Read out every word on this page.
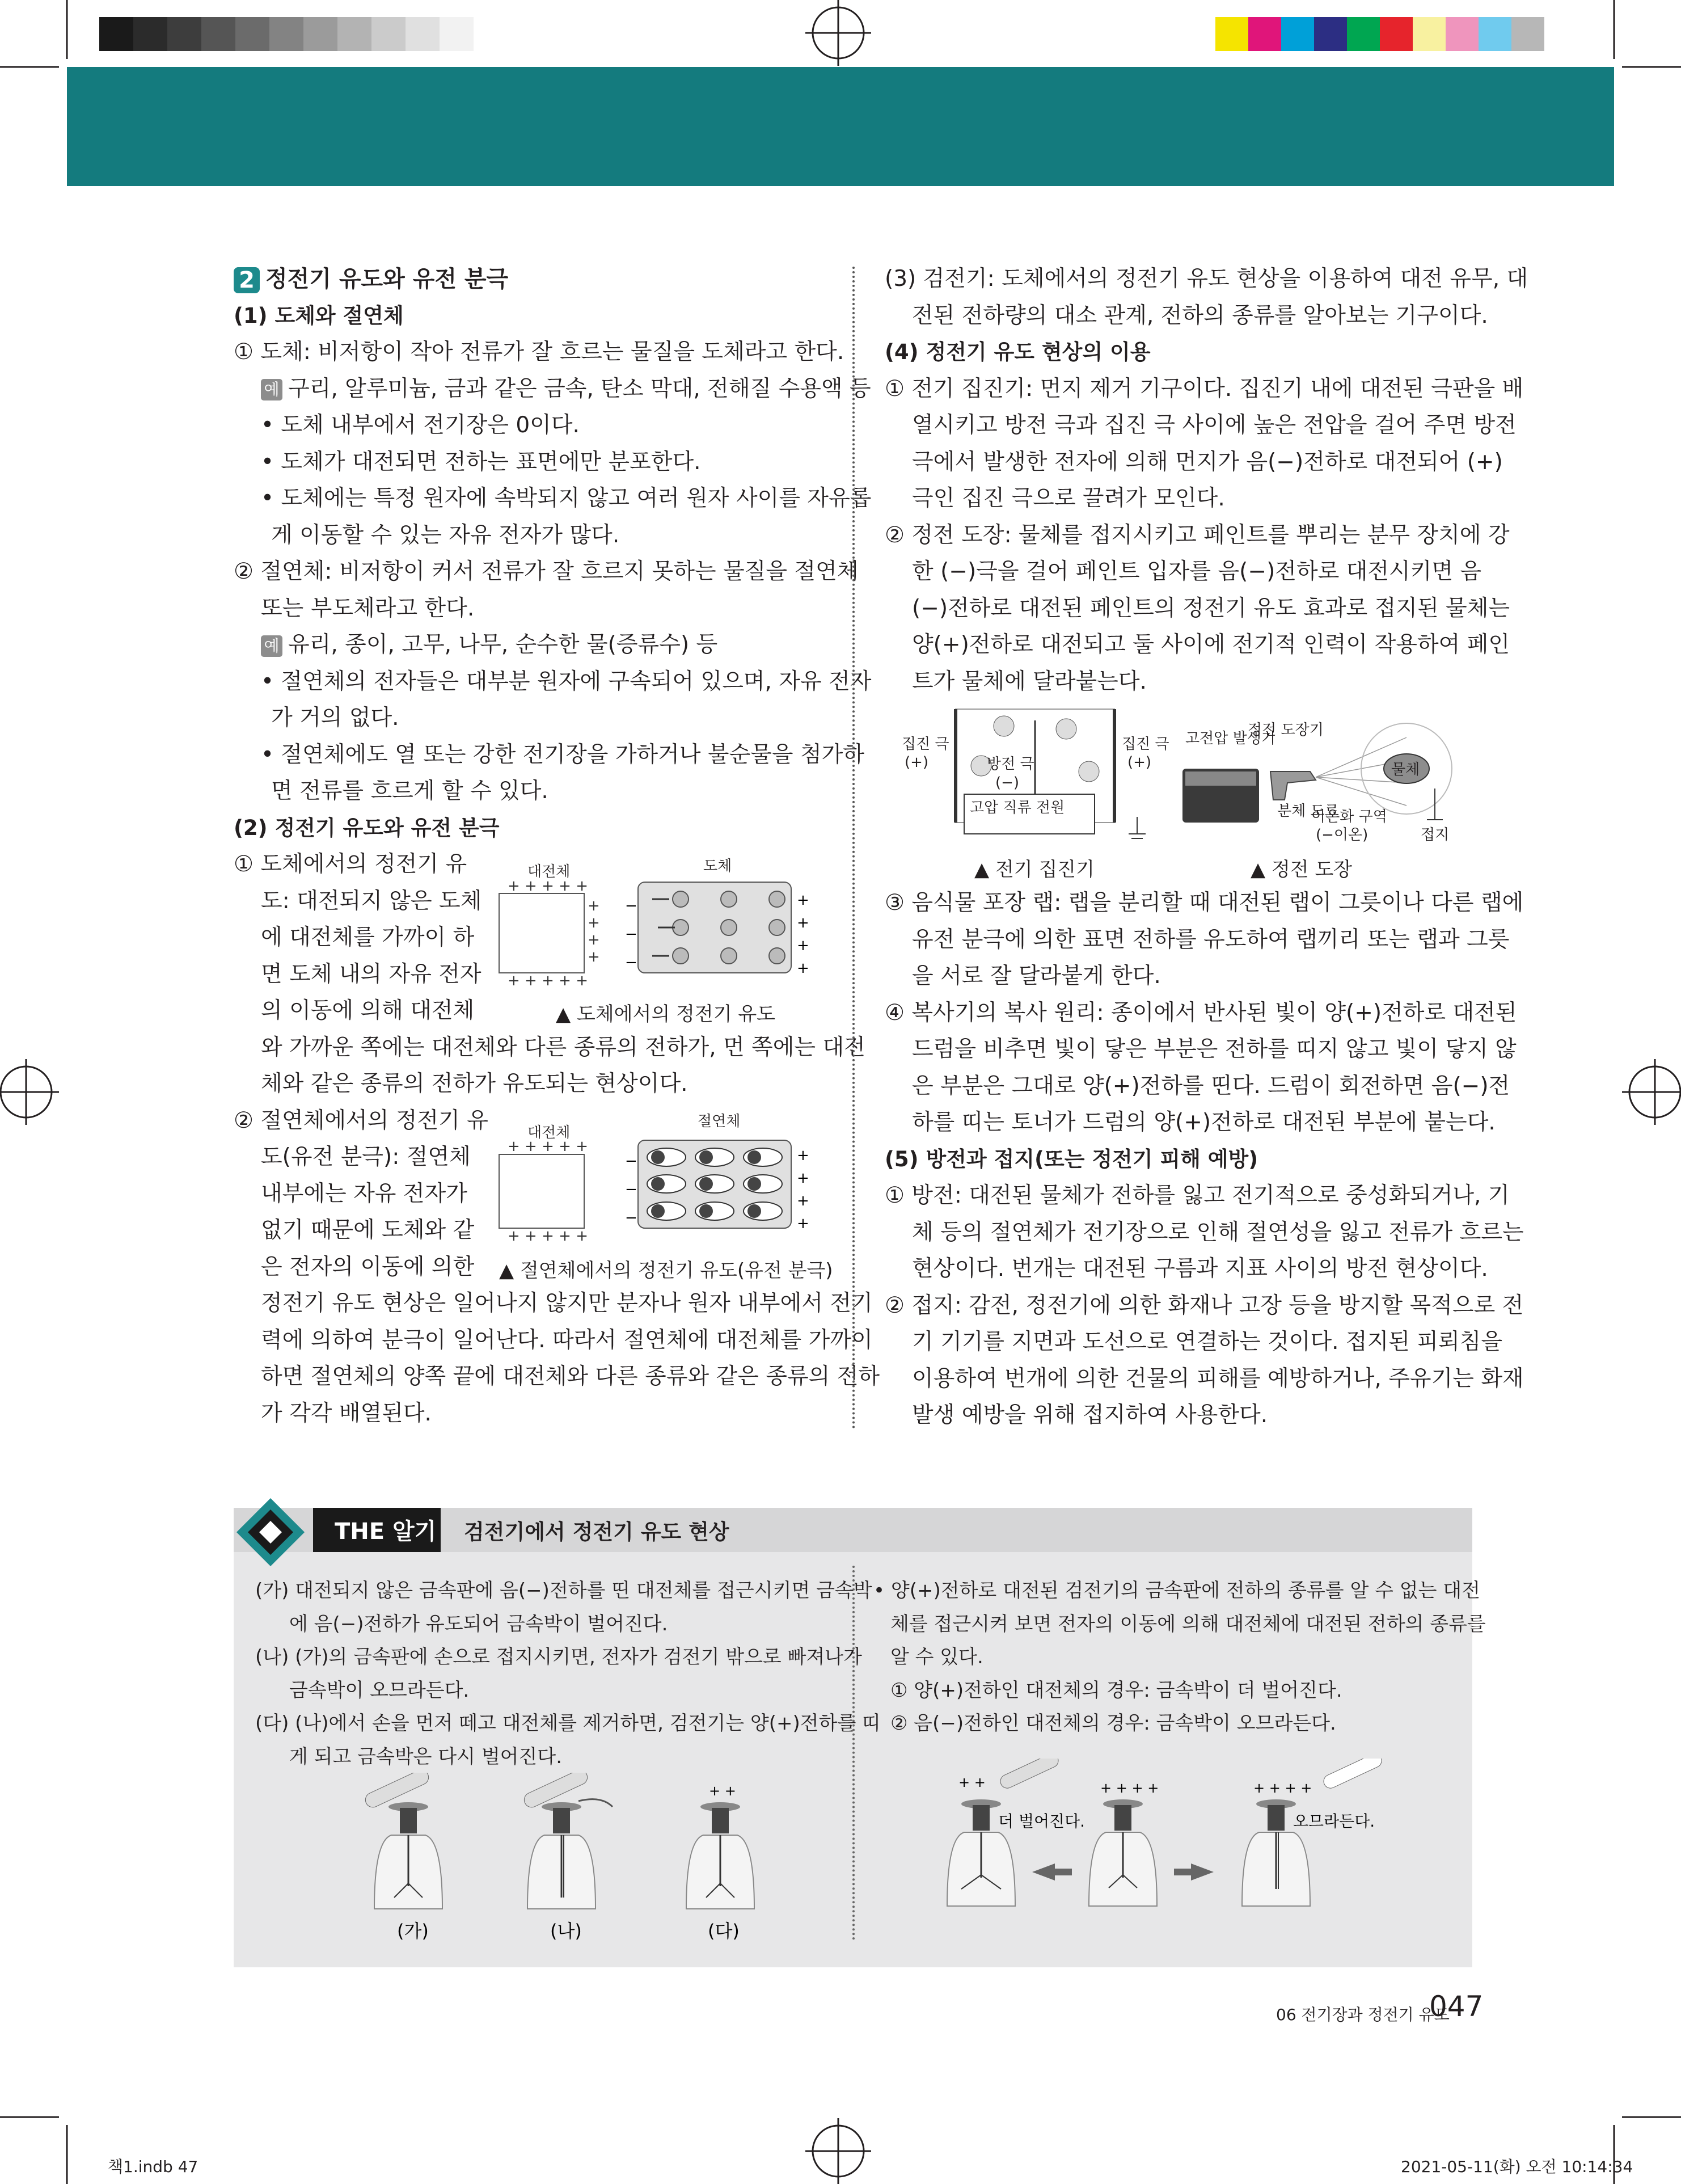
2 정전기 유도와 유전 분극

(1) 도체와 절연체

① 도체: 비저항이 작아 전류가 잘 흐르는 물질을 도체라고 한다.

예 구리, 알루미늄, 금과 같은 금속, 탄소 막대, 전해질 수용액 등

• 도체 내부에서 전기장은 0이다.

• 도체가 대전되면 전하는 표면에만 분포한다.

• 도체에는 특정 원자에 속박되지 않고 여러 원자 사이를 자유롭

게 이동할 수 있는 자유 전자가 많다.

② 절연체: 비저항이 커서 전류가 잘 흐르지 못하는 물질을 절연체

또는 부도체라고 한다.

예 유리, 종이, 고무, 나무, 순수한 물(증류수) 등

• 절연체의 전자들은 대부분 원자에 구속되어 있으며, 자유 전자

가 거의 없다.

• 절연체에도 열 또는 강한 전기장을 가하거나 불순물을 첨가하

면 전류를 흐르게 할 수 있다.

(2) 정전기 유도와 유전 분극

① 도체에서의 정전기 유

도: 대전되지 않은 도체

에 대전체를 가까이 하

면 도체 내의 자유 전자

의 이동에 의해 대전체

와 가까운 쪽에는 대전체와 다른 종류의 전하가, 먼 쪽에는 대전

체와 같은 종류의 전하가 유도되는 현상이다.

② 절연체에서의 정전기 유

도(유전 분극): 절연체

내부에는 자유 전자가

없기 때문에 도체와 같

은 전자의 이동에 의한

정전기 유도 현상은 일어나지 않지만 분자나 원자 내부에서 전기

력에 의하여 분극이 일어난다. 따라서 절연체에 대전체를 가까이

하면 절연체의 양쪽 끝에 대전체와 다른 종류와 같은 종류의 전하

가 각각 배열된다.

대전체	도체
+ + + + +
+ + + + +
+
+
+
+
−
−
−
+
+
+
+
▲ 도체에서의 정전기 유도
대전체
절연체
+ + + + +
+ + + + +
−
−
−
+
+
+
+
▲ 절연체에서의 정전기 유도(유전 분극)

(3) 검전기: 도체에서의 정전기 유도 현상을 이용하여 대전 유무, 대

전된 전하량의 대소 관계, 전하의 종류를 알아보는 기구이다.

(4) 정전기 유도 현상의 이용

① 전기 집진기: 먼지 제거 기구이다. 집진기 내에 대전된 극판을 배

열시키고 방전 극과 집진 극 사이에 높은 전압을 걸어 주면 방전

극에서 발생한 전자에 의해 먼지가 음(−)전하로 대전되어 (+)

극인 집진 극으로 끌려가 모인다.

② 정전 도장: 물체를 접지시키고 페인트를 뿌리는 분무 장치에 강

한 (−)극을 걸어 페인트 입자를 음(−)전하로 대전시키면 음

(−)전하로 대전된 페인트의 정전기 유도 효과로 접지된 물체는

양(+)전하로 대전되고 둘 사이에 전기적 인력이 작용하여 페인

트가 물체에 달라붙는다.

집진 극
(+)	방전 극
(−)
집진 극
(+)
고압 직류 전원
정전 도장기
고전압 발생기
물체
분체 도료
이온화 구역
(−이온)	접지
▲ 전기 집진기	▲ 정전 도장

③ 음식물 포장 랩: 랩을 분리할 때 대전된 랩이 그릇이나 다른 랩에

유전 분극에 의한 표면 전하를 유도하여 랩끼리 또는 랩과 그릇

을 서로 잘 달라붙게 한다.

④ 복사기의 복사 원리: 종이에서 반사된 빛이 양(+)전하로 대전된

드럼을 비추면 빛이 닿은 부분은 전하를 띠지 않고 빛이 닿지 않

은 부분은 그대로 양(+)전하를 띤다. 드럼이 회전하면 음(−)전

하를 띠는 토너가 드럼의 양(+)전하로 대전된 부분에 붙는다.

(5) 방전과 접지(또는 정전기 피해 예방)

① 방전: 대전된 물체가 전하를 잃고 전기적으로 중성화되거나, 기

체 등의 절연체가 전기장으로 인해 절연성을 잃고 전류가 흐르는

현상이다. 번개는 대전된 구름과 지표 사이의 방전 현상이다.

② 접지: 감전, 정전기에 의한 화재나 고장 등을 방지할 목적으로 전

기 기기를 지면과 도선으로 연결하는 것이다. 접지된 피뢰침을

이용하여 번개에 의한 건물의 피해를 예방하거나, 주유기는 화재

발생 예방을 위해 접지하여 사용한다.

THE 알기 검전기에서 정전기 유도 현상

(가) 대전되지 않은 금속판에 음(−)전하를 띤 대전체를 접근시키면 금속박

에 음(−)전하가 유도되어 금속박이 벌어진다.

(나) (가)의 금속판에 손으로 접지시키면, 전자가 검전기 밖으로 빠져나가

금속박이 오므라든다.

(다) (나)에서 손을 먼저 떼고 대전체를 제거하면, 검전기는 양(+)전하를 띠

게 되고 금속박은 다시 벌어진다.

• 양(+)전하로 대전된 검전기의 금속판에 전하의 종류를 알 수 없는 대전

체를 접근시켜 보면 전자의 이동에 의해 대전체에 대전된 전하의 종류를

알 수 있다.

① 양(+)전하인 대전체의 경우: 금속박이 더 벌어진다.

② 음(−)전하인 대전체의 경우: 금속박이 오므라든다.

+ +
(가)	(나)	(다)
+ +
더 벌어진다.
+ + + +	+ + + +
오므라든다.
06 전기장과 정전기 유도
047
책1.indb 47	2021-05-11(화) 오전 10:14:34
